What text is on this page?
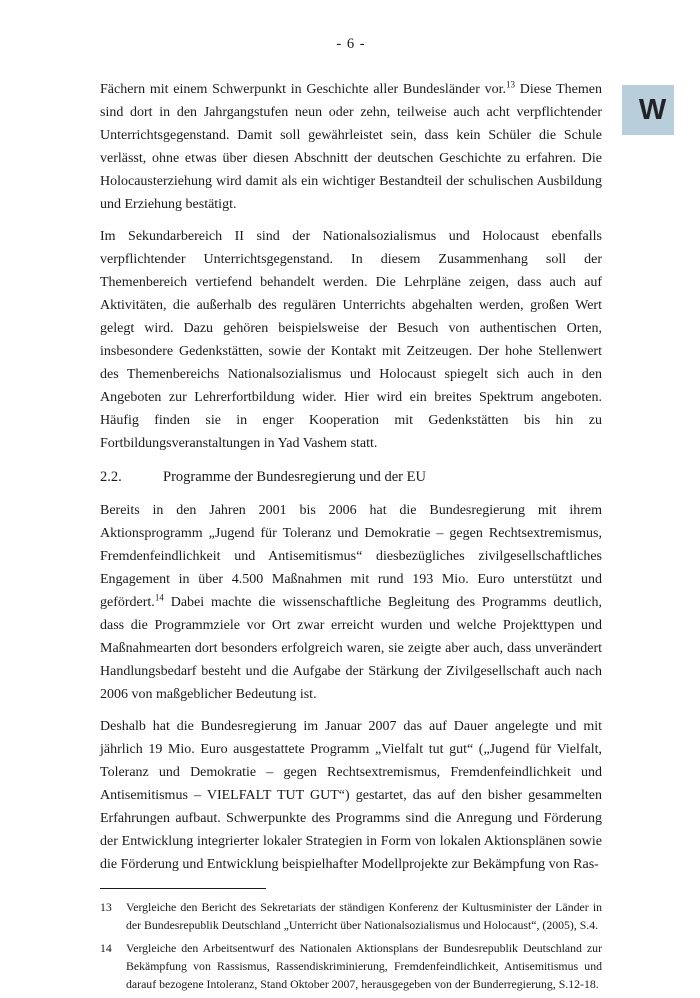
- 6 -
W

Fächern mit einem Schwerpunkt in Geschichte aller Bundesländer vor.$^{13}$ Diese Themen sind dort in den Jahrgangstufen neun oder zehn, teilweise auch acht verpflichtender Unterrichtsgegenstand. Damit soll gewährleistet sein, dass kein Schüler die Schule verlässt, ohne etwas über diesen Abschnitt der deutschen Geschichte zu erfahren. Die Holocausterziehung wird damit als ein wichtiger Bestandteil der schulischen Ausbildung und Erziehung bestätigt.

Im Sekundarbereich II sind der Nationalsozialismus und Holocaust ebenfalls verpflichtender Unterrichtsgegenstand. In diesem Zusammenhang soll der Themenbereich vertiefend behandelt werden. Die Lehrpläne zeigen, dass auch auf Aktivitäten, die außerhalb des regulären Unterrichts abgehalten werden, großen Wert gelegt wird. Dazu gehören beispielsweise der Besuch von authentischen Orten, insbesondere Gedenkstätten, sowie der Kontakt mit Zeitzeugen. Der hohe Stellenwert des Themenbereichs Nationalsozialismus und Holocaust spiegelt sich auch in den Angeboten zur Lehrerfortbildung wider. Hier wird ein breites Spektrum angeboten. Häufig finden sie in enger Kooperation mit Gedenkstätten bis hin zu Fortbildungsveranstaltungen in Yad Vashem statt.

2.2.	Programme der Bundesregierung und der EU

Bereits in den Jahren 2001 bis 2006 hat die Bundesregierung mit ihrem Aktionsprogramm „Jugend für Toleranz und Demokratie – gegen Rechtsextremismus, Fremdenfeindlichkeit und Antisemitismus“ diesbezügliches zivilgesellschaftliches Engagement in über 4.500 Maßnahmen mit rund 193 Mio. Euro unterstützt und gefördert.$^{14}$ Dabei machte die wissenschaftliche Begleitung des Programms deutlich, dass die Programmziele vor Ort zwar erreicht wurden und welche Projekttypen und Maßnahmearten dort besonders erfolgreich waren, sie zeigte aber auch, dass unverändert Handlungsbedarf besteht und die Aufgabe der Stärkung der Zivilgesellschaft auch nach 2006 von maßgeblicher Bedeutung ist.

Deshalb hat die Bundesregierung im Januar 2007 das auf Dauer angelegte und mit jährlich 19 Mio. Euro ausgestattete Programm „Vielfalt tut gut“ („Jugend für Vielfalt, Toleranz und Demokratie – gegen Rechtsextremismus, Fremdenfeindlichkeit und Antisemitismus – VIELFALT TUT GUT“) gestartet, das auf den bisher gesammelten Erfahrungen aufbaut. Schwerpunkte des Programms sind die Anregung und Förderung der Entwicklung integrierter lokaler Strategien in Form von lokalen Aktionsplänen sowie die Förderung und Entwicklung beispielhafter Modellprojekte zur Bekämpfung von Ras-

13 Vergleiche den Bericht des Sekretariats der ständigen Konferenz der Kultusminister der Länder in der Bundesrepublik Deutschland „Unterricht über Nationalsozialismus und Holocaust“, (2005), S.4.
14 Vergleiche den Arbeitsentwurf des Nationalen Aktionsplans der Bundesrepublik Deutschland zur Bekämpfung von Rassismus, Rassendiskriminierung, Fremdenfeindlichkeit, Antisemitismus und darauf bezogene Intoleranz, Stand Oktober 2007, herausgegeben von der Bunderregierung, S.12-18.
